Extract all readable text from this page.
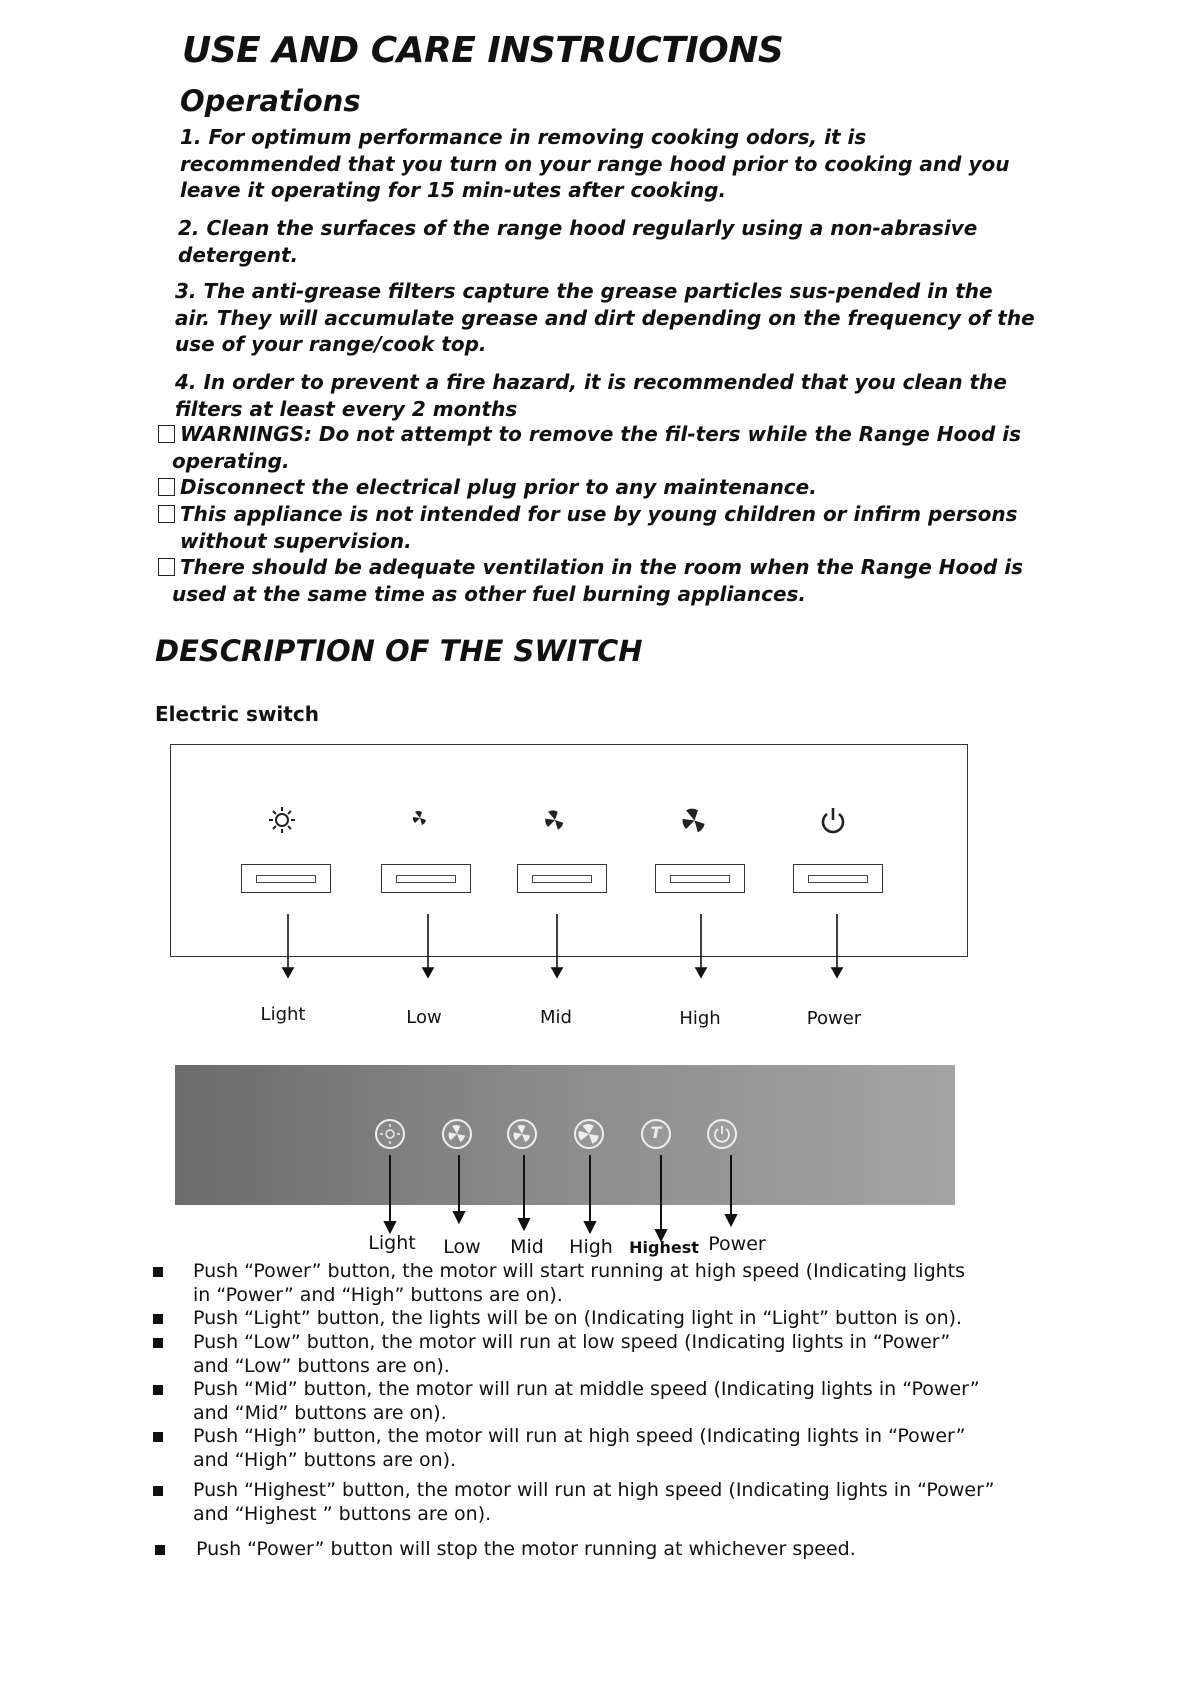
USE AND CARE INSTRUCTIONS
Operations
1. For optimum performance in removing cooking odors, it is
recommended that you turn on your range hood prior to cooking and you
leave it operating for 15 min-utes after cooking.
2. Clean the surfaces of the range hood regularly using a non-abrasive
detergent.
3. The anti-grease filters capture the grease particles sus-pended in the
air. They will accumulate grease and dirt depending on the frequency of the
use of your range/cook top.
4. In order to prevent a fire hazard, it is recommended that you clean the
filters at least every 2 months
WARNINGS: Do not attempt to remove the fil-ters while the Range Hood is
operating.
Disconnect the electrical plug prior to any maintenance.
This appliance is not intended for use by young children or infirm persons
without supervision.
There should be adequate ventilation in the room when the Range Hood is
used at the same time as other fuel burning appliances.
DESCRIPTION OF THE SWITCH
Electric switch
Light	Low	Mid	High	Power
T
Light Low Mid High Highest Power
Push “Power” button, the motor will start running at high speed (Indicating lights
in “Power” and “High” buttons are on).
Push “Light” button, the lights will be on (Indicating light in “Light” button is on).
Push “Low” button, the motor will run at low speed (Indicating lights in “Power”
and “Low” buttons are on).
Push “Mid” button, the motor will run at middle speed (Indicating lights in “Power”
and “Mid” buttons are on).
Push “High” button, the motor will run at high speed (Indicating lights in “Power”
and “High” buttons are on).
Push “Highest” button, the motor will run at high speed (Indicating lights in “Power”
and “Highest ” buttons are on).
Push “Power” button will stop the motor running at whichever speed.
